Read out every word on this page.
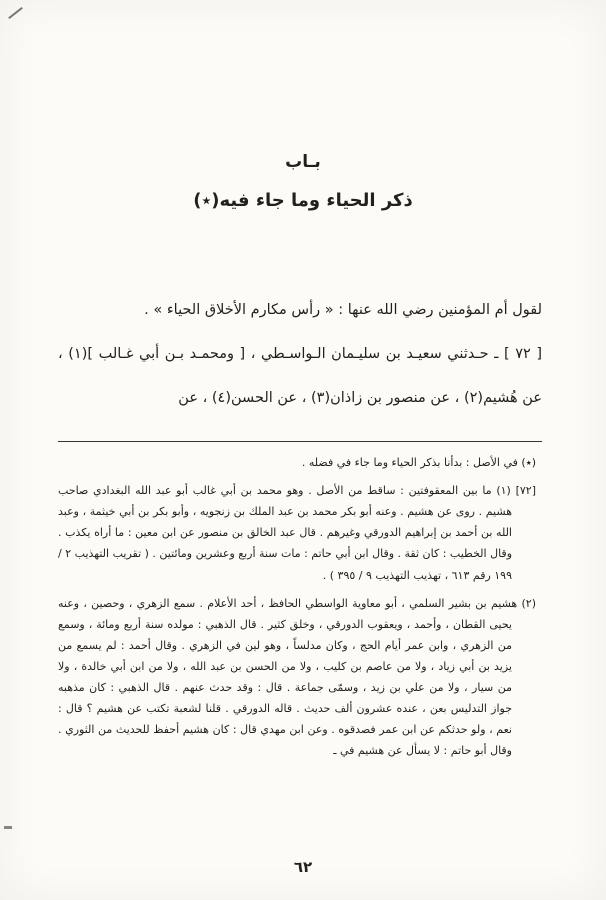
بـاب
ذكر الحياء وما جاء فيه(٭)

لقول أم المؤمنين رضي الله عنها : « رأس مكارم الأخلاق الحياء » .

[ ٧٢ ] ـ حـدثني سعيـد بن سليـمان الـواسـطي ، [ ومحمـد بـن أبي غـالب ](١) ، عن هُشيم(٢) ، عن منصور بن زاذان(٣) ، عن الحسن(٤) ، عن

(٭) في الأصل : بدأنا بذكر الحياء وما جاء في فضله .

[٧٢] (١) ما بين المعقوفتين : ساقط من الأصل . وهو محمد بن أبي غالب أبو عبد الله البغدادي صاحب هشيم . روى عن هشيم . وعنه أبو بكر محمد بن عبد الملك بن زنجويه ، وأبو بكر بن أبي خيثمة ، وعبد الله بن أحمد بن إبراهيم الدورقي وغيرهم . قال عبد الخالق بن منصور عن ابن معين : ما أراه يكذب . وقال الخطيب : كان ثقة . وقال ابن أبي حاتم : مات سنة أربع وعشرين ومائتين . ( تقريب التهذيب ٢ / ١٩٩ رقم ٦١٣ ، تهذيب التهذيب ٩ / ٣٩٥ ) .

(٢) هشيم بن بشير السلمي ، أبو معاوية الواسطي الحافظ ، أحد الأعلام . سمع الزهري ، وحصين ، وعنه يحيى القطان ، وأحمد ، ويعقوب الدورقي ، وخلق كثير . قال الذهبي : مولده سنة أربع ومائة ، وسمع من الزهري ، وابن عمر أيام الحج ، وكان مدلساً ، وهو لين في الزهري . وقال أحمد : لم يسمع من يزيد بن أبي زياد ، ولا من عاصم بن كليب ، ولا من الحسن بن عبد الله ، ولا من ابن أبي خالدة ، ولا من سيار ، ولا من علي بن زيد ، وسمّى جماعة . قال : وقد حدث عنهم . قال الذهبي : كان مذهبه جواز التدليس بعن ، عنده عشرون ألف حديث . قاله الدورقي . قلنا لشعبة تكتب عن هشيم ؟ قال : نعم ، ولو حدثكم عن ابن عمر فصدقوه . وعن ابن مهدي قال : كان هشيم أحفظ للحديث من الثوري . وقال أبو حاتم : لا يسأل عن هشيم في ـ

٦٢
